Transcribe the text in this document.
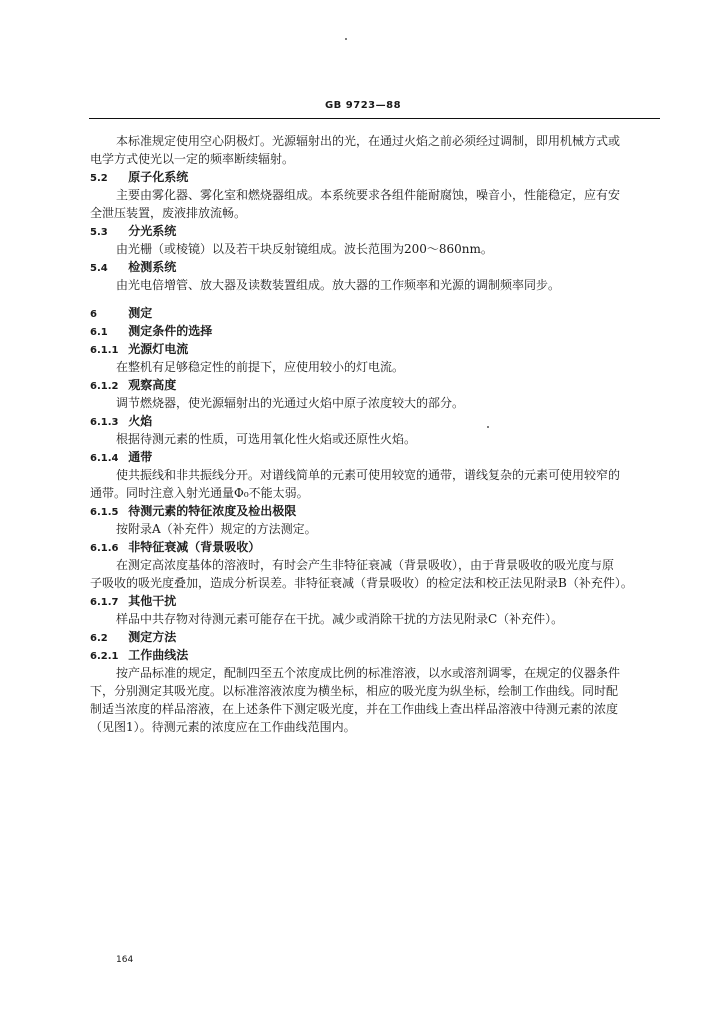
GB 9723—88
本标准规定使用空心阴极灯。光源辐射出的光，在通过火焰之前必须经过调制，即用机械方式或
电学方式使光以一定的频率断续辐射。
5.2 原子化系统
主要由雾化器、雾化室和燃烧器组成。本系统要求各组件能耐腐蚀，噪音小，性能稳定，应有安
全泄压装置，废液排放流畅。
5.3 分光系统
由光栅（或棱镜）以及若干块反射镜组成。波长范围为200～860nm。
5.4 检测系统
由光电倍增管、放大器及读数装置组成。放大器的工作频率和光源的调制频率同步。
6	测定
6.1 测定条件的选择
6.1.1 光源灯电流
在整机有足够稳定性的前提下，应使用较小的灯电流。
6.1.2 观察高度
调节燃烧器，使光源辐射出的光通过火焰中原子浓度较大的部分。
6.1.3 火焰
根据待测元素的性质，可选用氧化性火焰或还原性火焰。
6.1.4 通带
使共振线和非共振线分开。对谱线简单的元素可使用较宽的通带，谱线复杂的元素可使用较窄的
通带。同时注意入射光通量Φ₀不能太弱。
6.1.5 待测元素的特征浓度及检出极限
按附录A（补充件）规定的方法测定。
6.1.6 非特征衰减（背景吸收）
在测定高浓度基体的溶液时，有时会产生非特征衰减（背景吸收），由于背景吸收的吸光度与原
子吸收的吸光度叠加，造成分析误差。非特征衰减（背景吸收）的检定法和校正法见附录B（补充件）。
6.1.7 其他干扰
样品中共存物对待测元素可能存在干扰。减少或消除干扰的方法见附录C（补充件）。
6.2 测定方法
6.2.1 工作曲线法
按产品标准的规定，配制四至五个浓度成比例的标准溶液，以水或溶剂调零，在规定的仪器条件
下，分别测定其吸光度。以标准溶液浓度为横坐标，相应的吸光度为纵坐标，绘制工作曲线。同时配
制适当浓度的样品溶液，在上述条件下测定吸光度，并在工作曲线上查出样品溶液中待测元素的浓度
（见图1）。待测元素的浓度应在工作曲线范围内。
164
